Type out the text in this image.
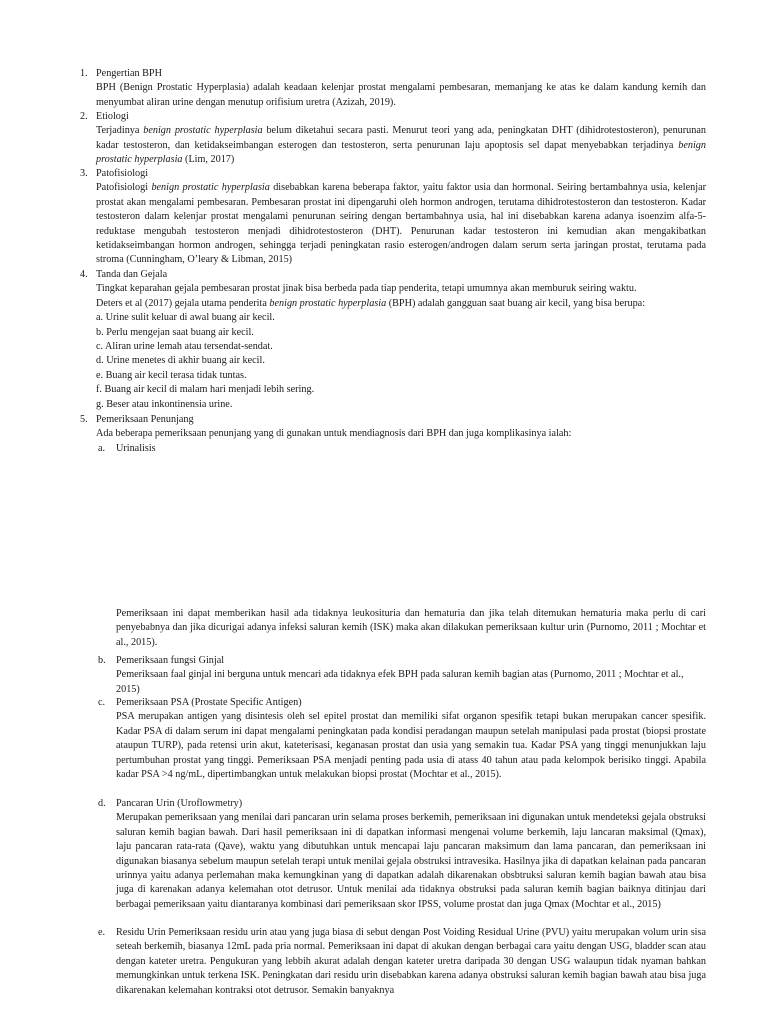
1. Pengertian BPH

BPH (Benign Prostatic Hyperplasia) adalah keadaan kelenjar prostat mengalami pembesaran, memanjang ke atas ke dalam kandung kemih dan menyumbat aliran urine dengan menutup orifisium uretra (Azizah, 2019).

2. Etiologi

Terjadinya benign prostatic hyperplasia belum diketahui secara pasti. Menurut teori yang ada, peningkatan DHT (dihidrotestosteron), penurunan kadar testosteron, dan ketidakseimbangan esterogen dan testosteron, serta penurunan laju apoptosis sel dapat menyebabkan terjadinya benign prostatic hyperplasia (Lim, 2017)

3. Patofisiologi

Patofisiologi benign prostatic hyperplasia disebabkan karena beberapa faktor, yaitu faktor usia dan hormonal. Seiring bertambahnya usia, kelenjar prostat akan mengalami pembesaran. Pembesaran prostat ini dipengaruhi oleh hormon androgen, terutama dihidrotestosteron dan testosteron. Kadar testosteron dalam kelenjar prostat mengalami penurunan seiring dengan bertambahnya usia, hal ini disebabkan karena adanya isoenzim alfa-5-reduktase mengubah testosteron menjadi dihidrotestosteron (DHT). Penurunan kadar testosteron ini kemudian akan mengakibatkan ketidakseimbangan hormon androgen, sehingga terjadi peningkatan rasio esterogen/androgen dalam serum serta jaringan prostat, terutama pada stroma (Cunningham, O’leary & Libman, 2015)

4. Tanda dan Gejala

Tingkat keparahan gejala pembesaran prostat jinak bisa berbeda pada tiap penderita, tetapi umumnya akan memburuk seiring waktu.

Deters et al (2017) gejala utama penderita benign prostatic hyperplasia (BPH) adalah gangguan saat buang air kecil, yang bisa berupa:

a. Urine sulit keluar di awal buang air kecil.

b. Perlu mengejan saat buang air kecil.

c. Aliran urine lemah atau tersendat-sendat.

d. Urine menetes di akhir buang air kecil.

e. Buang air kecil terasa tidak tuntas.

f. Buang air kecil di malam hari menjadi lebih sering.

g. Beser atau inkontinensia urine.

5. Pemeriksaan Penunjang

Ada beberapa pemeriksaan penunjang yang di gunakan untuk mendiagnosis dari BPH dan juga komplikasinya ialah:

a. Urinalisis

Pemeriksaan ini dapat memberikan hasil ada tidaknya leukosituria dan hematuria dan jika telah ditemukan hematuria maka perlu di cari penyebabnya dan jika dicurigai adanya infeksi saluran kemih (ISK) maka akan dilakukan pemeriksaan kultur urin (Purnomo, 2011 ; Mochtar et al., 2015).

b. Pemeriksaan fungsi Ginjal

Pemeriksaan faal ginjal ini berguna untuk mencari ada tidaknya efek BPH pada saluran kemih bagian atas (Purnomo, 2011 ; Mochtar et al., 2015)

c. Pemeriksaan PSA (Prostate Specific Antigen)

PSA merupakan antigen yang disintesis oleh sel epitel prostat dan memiliki sifat organon spesifik tetapi bukan merupakan cancer spesifik. Kadar PSA di dalam serum ini dapat mengalami peningkatan pada kondisi peradangan maupun setelah manipulasi pada prostat (biopsi prostate ataupun TURP), pada retensi urin akut, kateterisasi, keganasan prostat dan usia yang semakin tua. Kadar PSA yang tinggi menunjukkan laju pertumbuhan prostat yang tinggi. Pemeriksaan PSA menjadi penting pada usia di atass 40 tahun atau pada kelompok berisiko tinggi. Apabila kadar PSA >4 ng/mL, dipertimbangkan untuk melakukan biopsi prostat (Mochtar et al., 2015).

d. Pancaran Urin (Uroflowmetry)

Merupakan pemeriksaan yang menilai dari pancaran urin selama proses berkemih, pemeriksaan ini digunakan untuk mendeteksi gejala obstruksi saluran kemih bagian bawah. Dari hasil pemeriksaan ini di dapatkan informasi mengenai volume berkemih, laju lancaran maksimal (Qmax), laju pancaran rata-rata (Qave), waktu yang dibutuhkan untuk mencapai laju pancaran maksimum dan lama pancaran, dan pemeriksaan ini digunakan biasanya sebelum maupun setelah terapi untuk menilai gejala obstruksi intravesika. Hasilnya jika di dapatkan kelainan pada pancaran urinnya yaitu adanya perlemahan maka kemungkinan yang di dapatkan adalah dikarenakan obsbtruksi saluran kemih bagian bawah atau bisa juga di karenakan adanya kelemahan otot detrusor. Untuk menilai ada tidaknya obstruksi pada saluran kemih bagian baiknya ditinjau dari berbagai pemeriksaan yaitu diantaranya kombinasi dari pemeriksaan skor IPSS, volume prostat dan juga Qmax (Mochtar et al., 2015)

e. Residu Urin Pemeriksaan residu urin atau yang juga biasa di sebut dengan Post Voiding Residual Urine (PVU) yaitu merupakan volum urin sisa seteah berkemih, biasanya 12mL pada pria normal. Pemeriksaan ini dapat di akukan dengan berbagai cara yaitu dengan USG, bladder scan atau dengan kateter uretra. Pengukuran yang lebbih akurat adalah dengan kateter uretra daripada 30 dengan USG walaupun tidak nyaman bahkan memungkinkan untuk terkena ISK. Peningkatan dari residu urin disebabkan karena adanya obstruksi saluran kemih bagian bawah atau bisa juga dikarenakan kelemahan kontraksi otot detrusor. Semakin banyaknya
